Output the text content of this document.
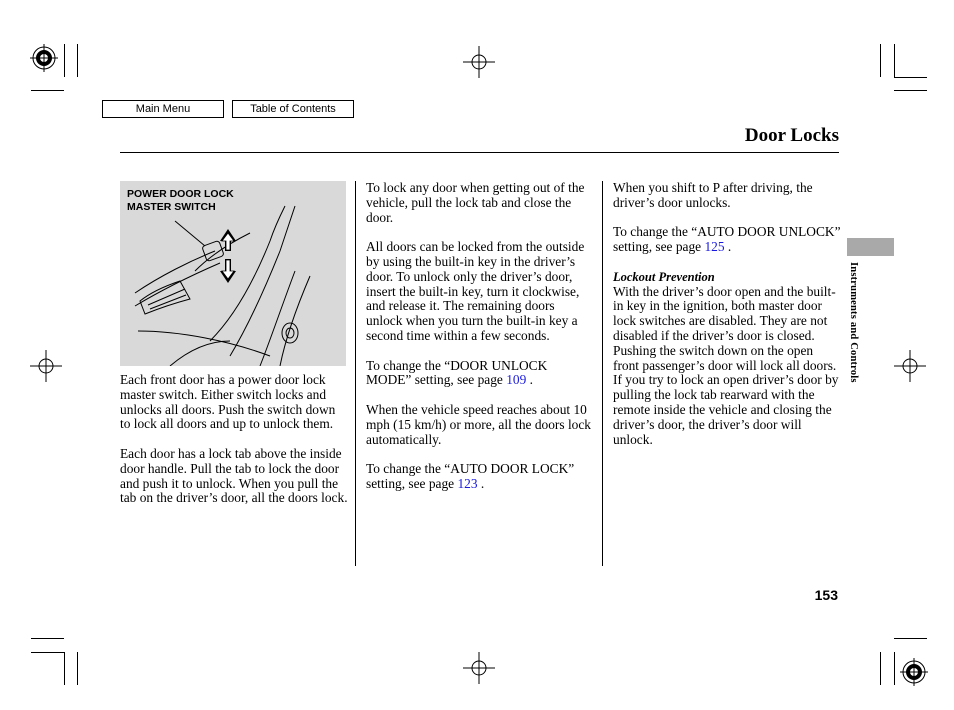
Main Menu	Table of Contents
Door Locks
POWER DOOR LOCK
MASTER SWITCH

Each front door has a power door lock master switch. Either switch locks and unlocks all doors. Push the switch down to lock all doors and up to unlock them.

Each door has a lock tab above the inside door handle. Pull the tab to lock the door and push it to unlock. When you pull the tab on the driver’s door, all the doors lock.

To lock any door when getting out of the vehicle, pull the lock tab and close the door.

All doors can be locked from the outside by using the built-in key in the driver’s door. To unlock only the driver’s door, insert the built-in key, turn it clockwise, and release it. The remaining doors unlock when you turn the built-in key a second time within a few seconds.

To change the “DOOR UNLOCK MODE” setting, see page 109 .

When the vehicle speed reaches about 10 mph (15 km/h) or more, all the doors lock automatically.

To change the “AUTO DOOR LOCK” setting, see page 123 .

When you shift to P after driving, the driver’s door unlocks.

To change the “AUTO DOOR UNLOCK” setting, see page 125 .

Lockout Prevention

With the driver’s door open and the built-in key in the ignition, both master door lock switches are disabled. They are not disabled if the driver’s door is closed. Pushing the switch down on the open front passenger’s door will lock all doors. If you try to lock an open driver’s door by pulling the lock tab rearward with the remote inside the vehicle and closing the driver’s door, the driver’s door will unlock.

Instruments and Controls
153
